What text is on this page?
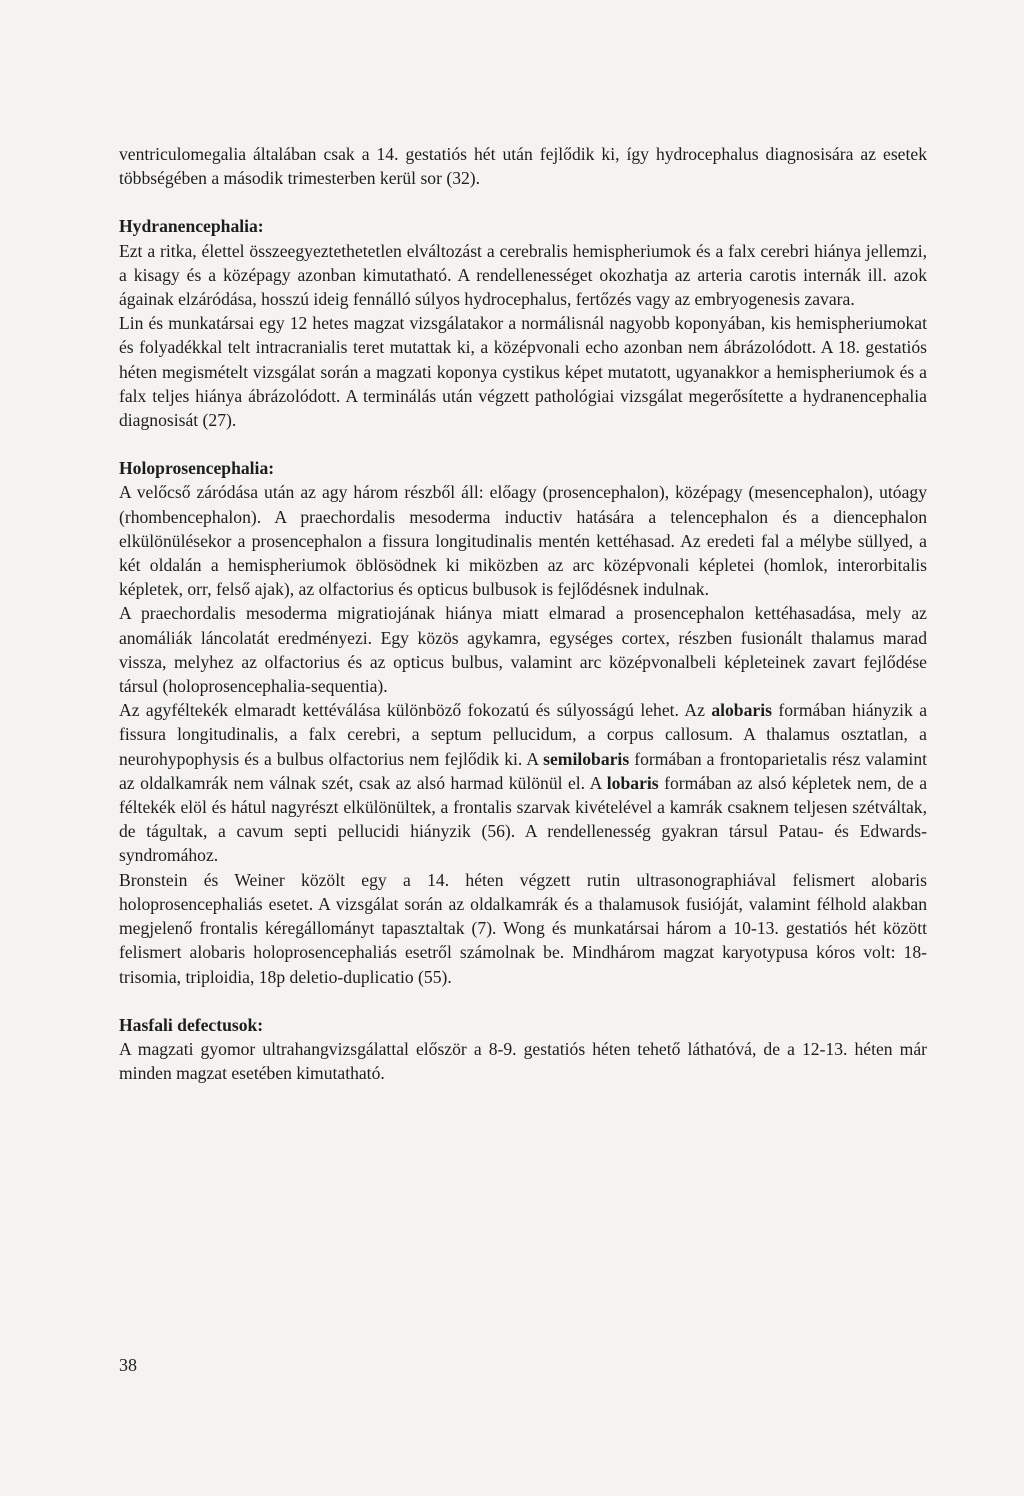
ventriculomegalia általában csak a 14. gestatiós hét után fejlődik ki, így hydrocephalus diagnosisára az esetek többségében a második trimesterben kerül sor (32).

Hydranencephalia:

Ezt a ritka, élettel összeegyeztethetetlen elváltozást a cerebralis hemispheriumok és a falx cerebri hiánya jellemzi, a kisagy és a középagy azonban kimutatható. A rendellenességet okozhatja az arteria carotis internák ill. azok ágainak elzáródása, hosszú ideig fennálló súlyos hydrocephalus, fertőzés vagy az embryogenesis zavara.

Lin és munkatársai egy 12 hetes magzat vizsgálatakor a normálisnál nagyobb koponyában, kis hemispheriumokat és folyadékkal telt intracranialis teret mutattak ki, a középvonali echo azonban nem ábrázolódott. A 18. gestatiós héten megismételt vizsgálat során a magzati koponya cystikus képet mutatott, ugyanakkor a hemispheriumok és a falx teljes hiánya ábrázolódott. A terminálás után végzett pathológiai vizsgálat megerősítette a hydranencephalia diagnosisát (27).

Holoprosencephalia:

A velőcső záródása után az agy három részből áll: előagy (prosencephalon), középagy (mesencephalon), utóagy (rhombencephalon). A praechordalis mesoderma inductiv hatására a telencephalon és a diencephalon elkülönülésekor a prosencephalon a fissura longitudinalis mentén kettéhasad. Az eredeti fal a mélybe süllyed, a két oldalán a hemispheriumok öblösödnek ki miközben az arc középvonali képletei (homlok, interorbitalis képletek, orr, felső ajak), az olfactorius és opticus bulbusok is fejlődésnek indulnak.

A praechordalis mesoderma migratiojának hiánya miatt elmarad a prosencephalon kettéhasadása, mely az anomáliák láncolatát eredményezi. Egy közös agykamra, egységes cortex, részben fusionált thalamus marad vissza, melyhez az olfactorius és az opticus bulbus, valamint arc középvonalbeli képleteinek zavart fejlődése társul (holoprosencephalia-sequentia).

Az agyféltekék elmaradt kettéválása különböző fokozatú és súlyosságú lehet. Az alobaris formában hiányzik a fissura longitudinalis, a falx cerebri, a septum pellucidum, a corpus callosum. A thalamus osztatlan, a neurohypophysis és a bulbus olfactorius nem fejlődik ki. A semilobaris formában a frontoparietalis rész valamint az oldalkamrák nem válnak szét, csak az alsó harmad különül el. A lobaris formában az alsó képletek nem, de a féltekék elöl és hátul nagyrészt elkülönültek, a frontalis szarvak kivételével a kamrák csaknem teljesen szétváltak, de tágultak, a cavum septi pellucidi hiányzik (56). A rendellenesség gyakran társul Patau- és Edwards-syndromához.

Bronstein és Weiner közölt egy a 14. héten végzett rutin ultrasonographiával felismert alobaris holoprosencephaliás esetet. A vizsgálat során az oldalkamrák és a thalamusok fusióját, valamint félhold alakban megjelenő frontalis kéregállományt tapasztaltak (7). Wong és munkatársai három a 10-13. gestatiós hét között felismert alobaris holoprosencephaliás esetről számolnak be. Mindhárom magzat karyotypusa kóros volt: 18-trisomia, triploidia, 18p deletio-duplicatio (55).

Hasfali defectusok:

A magzati gyomor ultrahangvizsgálattal először a 8-9. gestatiós héten tehető láthatóvá, de a 12-13. héten már minden magzat esetében kimutatható.

38
